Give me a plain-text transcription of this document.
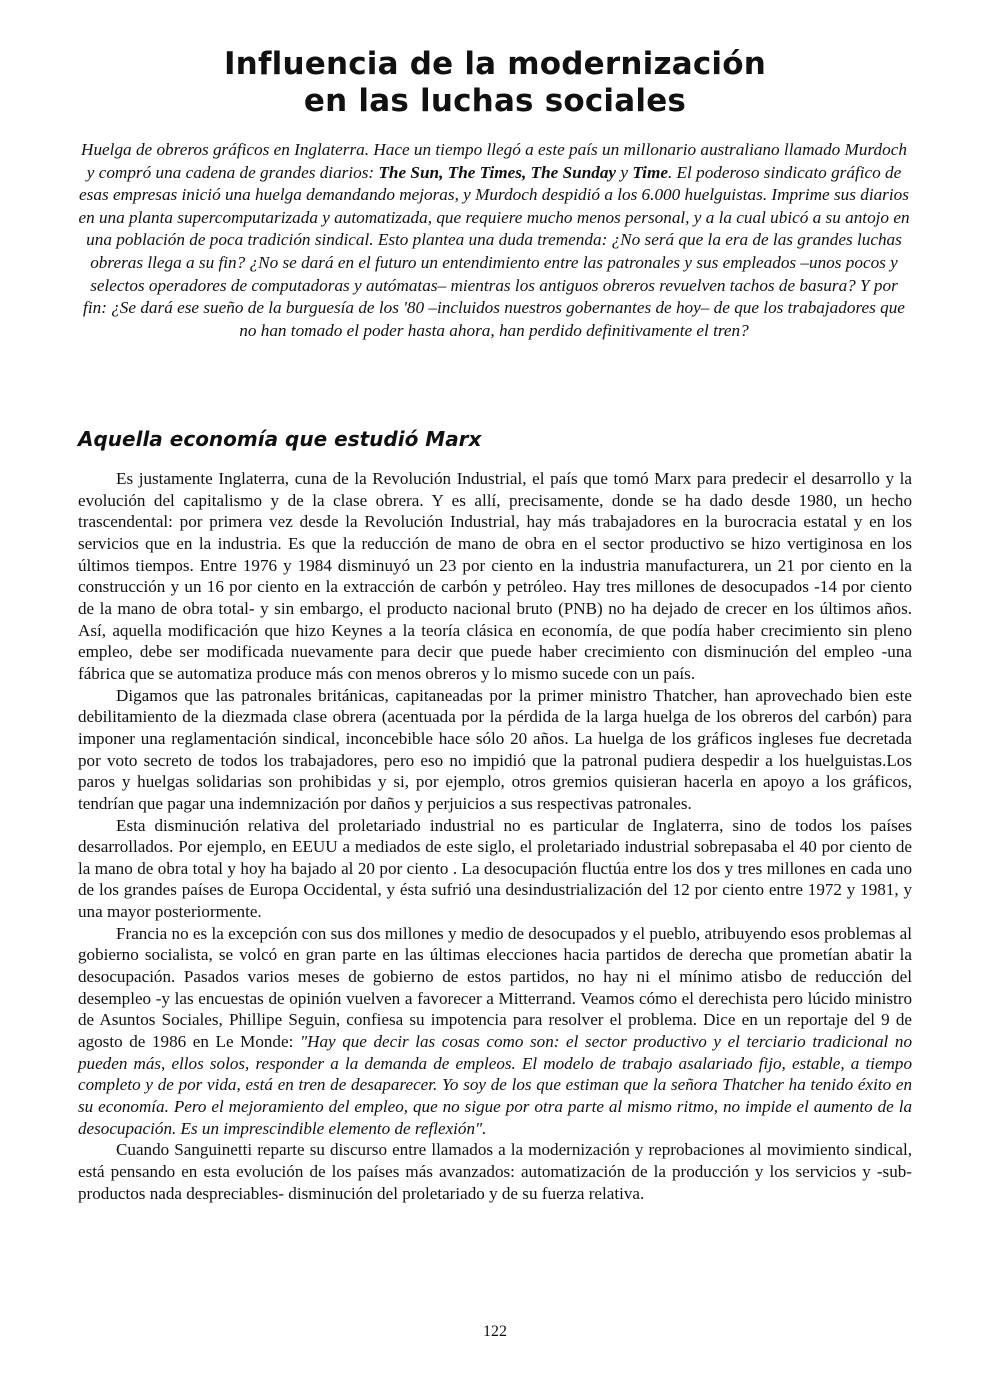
Influencia de la modernización
en las luchas sociales

Huelga de obreros gráficos en Inglaterra. Hace un tiempo llegó a este país un millonario australiano llamado Murdoch y compró una cadena de grandes diarios: The Sun, The Times, The Sunday y Time. El poderoso sindicato gráfico de esas empresas inició una huelga demandando mejoras, y Murdoch despidió a los 6.000 huelguistas. Imprime sus diarios en una planta supercomputarizada y automatizada, que requiere mucho menos personal, y a la cual ubicó a su antojo en una población de poca tradición sindical. Esto plantea una duda tremenda: ¿No será que la era de las grandes luchas obreras llega a su fin? ¿No se dará en el futuro un entendimiento entre las patronales y sus empleados –unos pocos y selectos operadores de computadoras y autómatas– mientras los antiguos obreros revuelven tachos de basura? Y por fin: ¿Se dará ese sueño de la burguesía de los '80 –incluidos nuestros gobernantes de hoy– de que los trabajadores que no han tomado el poder hasta ahora, han perdido definitivamente el tren?

Aquella economía que estudió Marx

Es justamente Inglaterra, cuna de la Revolución Industrial, el país que tomó Marx para predecir el desarrollo y la evolución del capitalismo y de la clase obrera. Y es allí, precisamente, donde se ha dado desde 1980, un hecho trascendental: por primera vez desde la Revolución Industrial, hay más trabajadores en la burocracia estatal y en los servicios que en la industria. Es que la reducción de mano de obra en el sector productivo se hizo vertiginosa en los últimos tiempos. Entre 1976 y 1984 disminuyó un 23 por ciento en la industria manufacturera, un 21 por ciento en la construcción y un 16 por ciento en la extracción de carbón y petróleo. Hay tres millones de desocupados -14 por ciento de la mano de obra total- y sin embargo, el producto nacional bruto (PNB) no ha dejado de crecer en los últimos años. Así, aquella modificación que hizo Keynes a la teoría clásica en economía, de que podía haber crecimiento sin pleno empleo, debe ser modificada nuevamente para decir que puede haber crecimiento con disminución del empleo -una fábrica que se automatiza produce más con menos obreros y lo mismo sucede con un país.

Digamos que las patronales británicas, capitaneadas por la primer ministro Thatcher, han aprovechado bien este debilitamiento de la diezmada clase obrera (acentuada por la pérdida de la larga huelga de los obreros del carbón) para imponer una reglamentación sindical, inconcebible hace sólo 20 años. La huelga de los gráficos ingleses fue decretada por voto secreto de todos los trabajadores, pero eso no impidió que la patronal pudiera despedir a los huelguistas.Los paros y huelgas solidarias son prohibidas y si, por ejemplo, otros gremios quisieran hacerla en apoyo a los gráficos, tendrían que pagar una indemnización por daños y perjuicios a sus respectivas patronales.

Esta disminución relativa del proletariado industrial no es particular de Inglaterra, sino de todos los países desarrollados. Por ejemplo, en EEUU a mediados de este siglo, el proletariado industrial sobrepasaba el 40 por ciento de la mano de obra total y hoy ha bajado al 20 por ciento . La desocupación fluctúa entre los dos y tres millones en cada uno de los grandes países de Europa Occidental, y ésta sufrió una desindustrialización del 12 por ciento entre 1972 y 1981, y una mayor posteriormente.

Francia no es la excepción con sus dos millones y medio de desocupados y el pueblo, atribuyendo esos problemas al gobierno socialista, se volcó en gran parte en las últimas elecciones hacia partidos de derecha que prometían abatir la desocupación. Pasados varios meses de gobierno de estos partidos, no hay ni el mínimo atisbo de reducción del desempleo -y las encuestas de opinión vuelven a favorecer a Mitterrand. Veamos cómo el derechista pero lúcido ministro de Asuntos Sociales, Phillipe Seguin, confiesa su impotencia para resolver el problema. Dice en un reportaje del 9 de agosto de 1986 en Le Monde: "Hay que decir las cosas como son: el sector productivo y el terciario tradicional no pueden más, ellos solos, responder a la demanda de empleos. El modelo de trabajo asalariado fijo, estable, a tiempo completo y de por vida, está en tren de desaparecer. Yo soy de los que estiman que la señora Thatcher ha tenido éxito en su economía. Pero el mejoramiento del empleo, que no sigue por otra parte al mismo ritmo, no impide el aumento de la desocupación. Es un imprescindible elemento de reflexión".

Cuando Sanguinetti reparte su discurso entre llamados a la modernización y reprobaciones al movimiento sindical, está pensando en esta evolución de los países más avanzados: automatización de la producción y los servicios y -sub-productos nada despreciables- disminución del proletariado y de su fuerza relativa.

122
